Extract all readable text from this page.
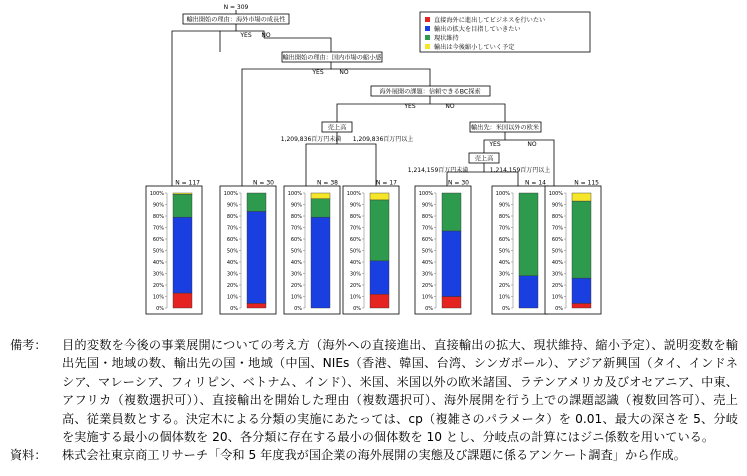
N = 309
YES NO
YES	NO
YES	NO
1,209,836百万円未満 1,209,836百万円以上
YES	NO
1,214,159百万円未満	1,214,159百万円以上
輸出開始の理由：海外市場の成長性
輸出開始の理由：国内市場の縮小感
海外展開の課題：信頼できるBC探索
売上高	輸出先：米国以外の欧米
売上高
直接海外に進出してビジネスを行いたい
輸出の拡大を目指していきたい
現状維持
輸出は今後縮小していく予定
N = 117
100%
90%
80%
70%
60%
50%
40%
30%
20%
10%
0%
N = 30
100%
90%
80%
70%
60%
50%
40%
30%
20%
10%
0%
N = 38
100%
90%
80%
70%
60%
50%
40%
30%
20%
10%
0%
N = 17
100%
90%
80%
70%
60%
50%
40%
30%
20%
10%
0%
N = 30
100%
90%
80%
70%
60%
50%
40%
30%
20%
10%
0%
N = 14
100%
90%
80%
70%
60%
50%
40%
30%
20%
10%
0%
N = 115
100%
90%
80%
70%
60%
50%
40%
30%
20%
10%
0%
備考：	目的変数を今後の事業展開についての考え方（海外への直接進出、直接輸出の拡大、現状維持、縮小予定）、説明変数を輸出先国・地域の数、輸出先の国・地域（中国、NIEs（香港、韓国、台湾、シンガポール）、アジア新興国（タイ、インドネシア、マレーシア、フィリピン、ベトナム、インド）、米国、米国以外の欧米諸国、ラテンアメリカ及びオセアニア、中東、アフリカ（複数選択可））、直接輸出を開始した理由（複数選択可）、海外展開を行う上での課題認識（複数回答可）、売上高、従業員数とする。決定木による分類の実施にあたっては、cp（複雑さのパラメータ）を 0.01、最大の深さを 5、分岐を実施する最小の個体数を 20、各分類に存在する最小の個体数を 10 とし、分岐点の計算にはジニ係数を用いている。
資料：	株式会社東京商工リサーチ「令和 5 年度我が国企業の海外展開の実態及び課題に係るアンケート調査」から作成。
